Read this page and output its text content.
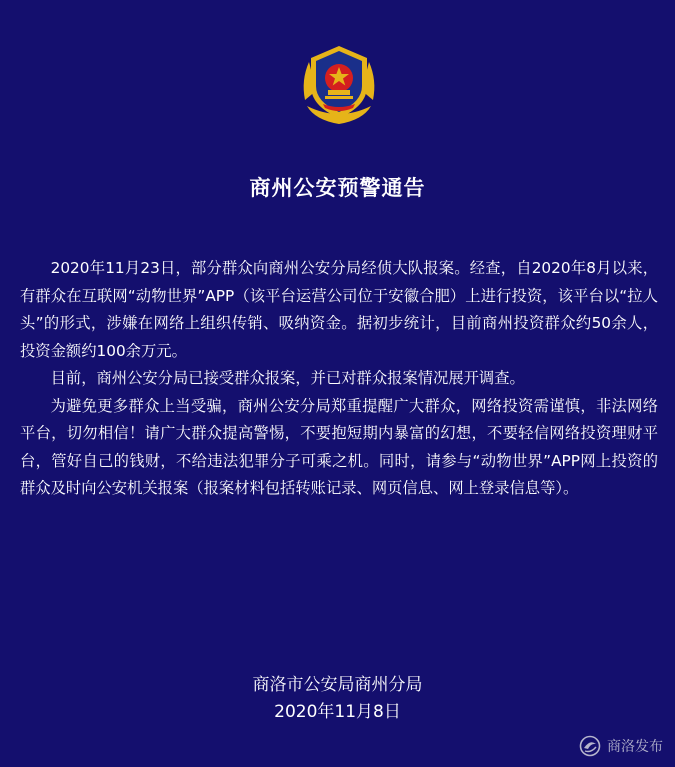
商州公安预警通告

2020年11月23日，部分群众向商州公安分局经侦大队报案。经查，自2020年8月以来，有群众在互联网“动物世界”APP（该平台运营公司位于安徽合肥）上进行投资，该平台以“拉人头”的形式，涉嫌在网络上组织传销、吸纳资金。据初步统计，目前商州投资群众约50余人，投资金额约100余万元。

目前，商州公安分局已接受群众报案，并已对群众报案情况展开调查。

为避免更多群众上当受骗，商州公安分局郑重提醒广大群众，网络投资需谨慎，非法网络平台，切勿相信！请广大群众提高警惕，不要抱短期内暴富的幻想，不要轻信网络投资理财平台，管好自己的钱财，不给违法犯罪分子可乘之机。同时，请参与“动物世界”APP网上投资的群众及时向公安机关报案（报案材料包括转账记录、网页信息、网上登录信息等）。

商洛市公安局商州分局
2020年11月8日
商洛发布
